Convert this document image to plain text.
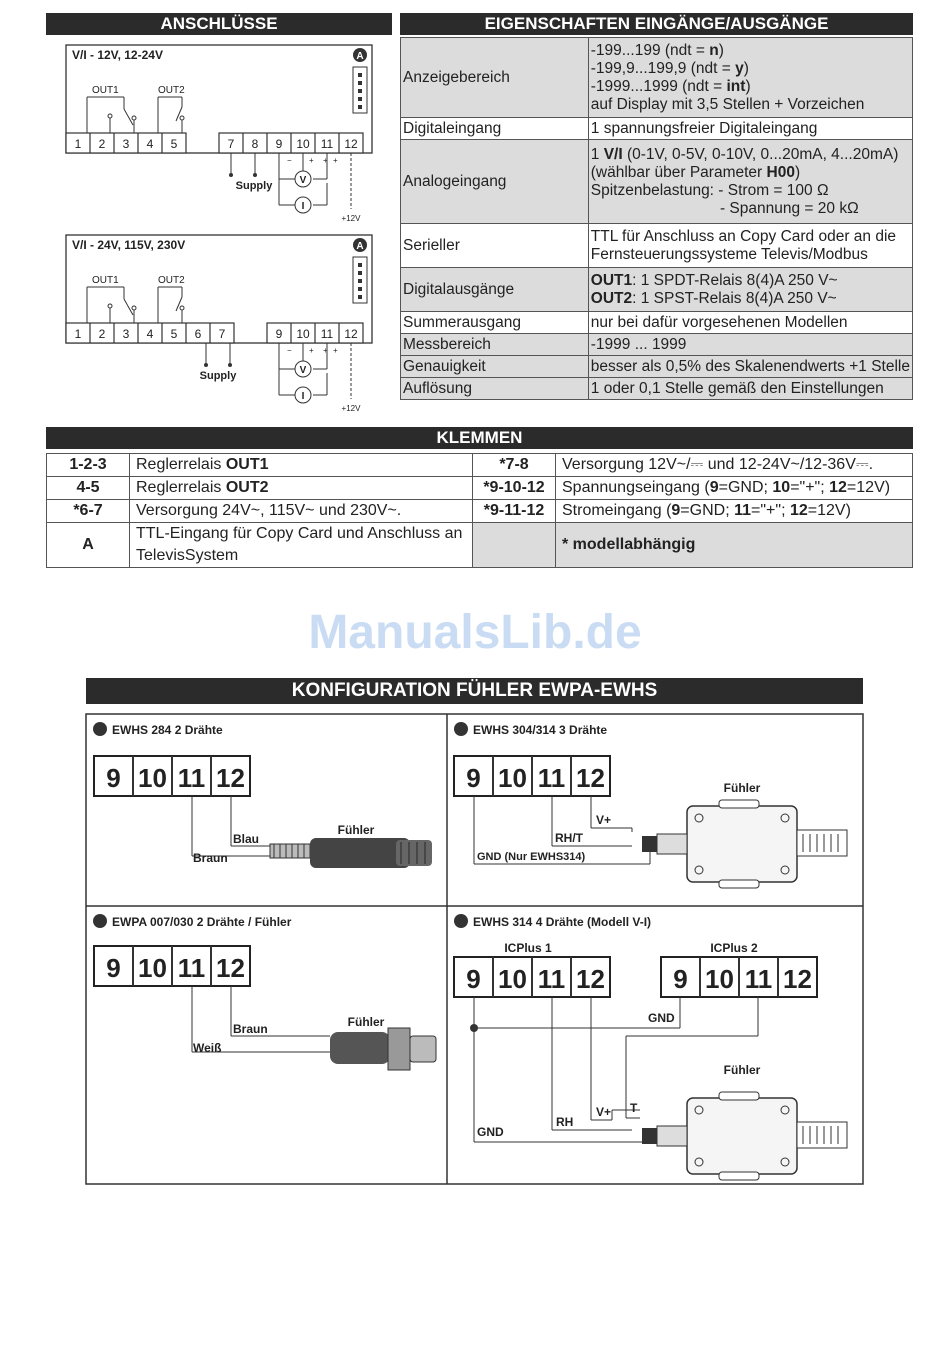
ANSCHLÜSSE
V/I - 12V, 12-24V	A
1 2 3 4 5	7 8 9 10 11 12
OUT1	OUT2
Supply	V
I
+12V
− + + +
V/I - 24V, 115V, 230V	A
1 2 3 4 5 6 7	9 10 11 12
OUT1	OUT2
Supply	V
I
+12V
− + + +
EIGENSCHAFTEN EINGÄNGE/AUSGÄNGE
Anzeigebereich	-199...199 (ndt = n)
-199,9...199,9 (ndt = y)
-1999...1999 (ndt = int)
auf Display mit 3,5 Stellen + Vorzeichen

Digitaleingang	1 spannungsfreier Digitaleingang

Analogeingang	1 V/I (0-1V, 0-5V, 0-10V, 0...20mA, 4...20mA)
(wählbar über Parameter H00)
Spitzenbelastung: - Strom = 100 Ω
- Spannung = 20 kΩ

Serieller	TTL für Anschluss an Copy Card oder an die
Fernsteuerungssysteme Televis/Modbus

Digitalausgänge	OUT1: 1 SPDT-Relais 8(4)A 250 V~
OUT2: 1 SPST-Relais 8(4)A 250 V~

Summerausgang	nur bei dafür vorgesehenen Modellen

Messbereich	-1999 ... 1999

Genauigkeit	besser als 0,5% des Skalenendwerts +1 Stelle

Auflösung	1 oder 0,1 Stelle gemäß den Einstellungen
KLEMMEN
1-2-3	Reglerrelais OUT1	*7-8	Versorgung 12V~/⎓ und 12-24V~/12-36V⎓.
4-5	Reglerrelais OUT2	*9-10-12	Spannungseingang (9=GND; 10="+"; 12=12V)
*6-7	Versorgung 24V~, 115V~ und 230V~.	*9-11-12	Stromeingang (9=GND; 11="+"; 12=12V)
A	TTL-Eingang für Copy Card und Anschluss an TelevisSystem		* modellabhängig
ManualsLib.de
KONFIGURATION FÜHLER EWPA-EWHS
EWHS 284 2 Drähte
9 10 11 12
Blau
Braun
Fühler
EWHS 304/314 3 Drähte
9 10 11 12
V+
RH/T
GND (Nur EWHS314)
Fühler
EWPA 007/030 2 Drähte / Fühler
9 10 11 12
Braun
Weiß
Fühler
EWHS 314 4 Drähte (Modell V-I)
ICPlus 1	ICPlus 2
9 10 11 12	9 10 11 12
GND
GND
RH
V+ T
Fühler
